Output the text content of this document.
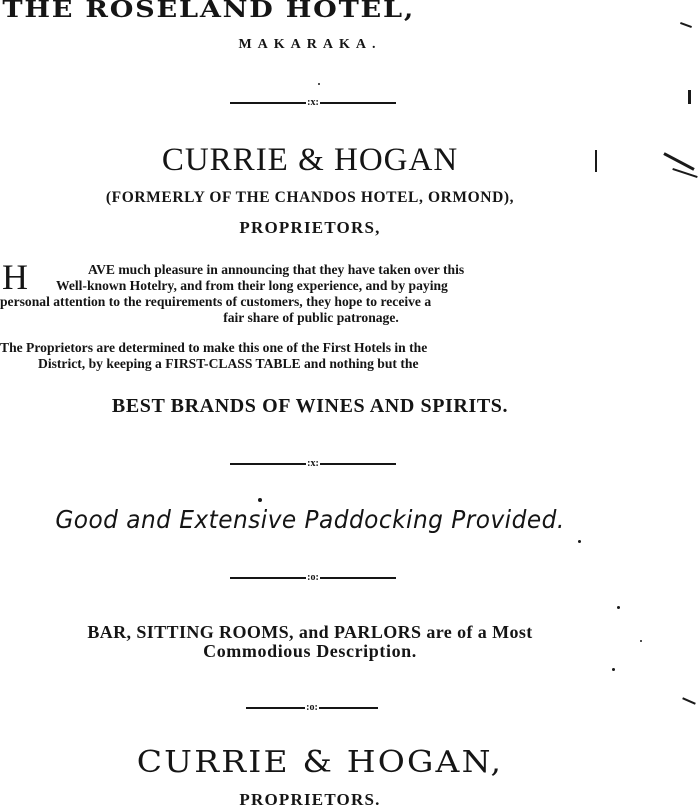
THE ROSELAND HOTEL,
MAKARAKA.
:x:
CURRIE & HOGAN
(FORMERLY OF THE CHANDOS HOTEL, ORMOND),
PROPRIETORS,
H	AVE much pleasure in announcing that they have taken over this
Well-known Hotelry, and from their long experience, and by paying
personal attention to the requirements of customers, they hope to receive a
fair share of public patronage.
The Proprietors are determined to make this one of the First Hotels in the
District, by keeping a FIRST-CLASS TABLE and nothing but the
BEST BRANDS OF WINES AND SPIRITS.
:x:
Good and Extensive Paddocking Provided.
:o:
BAR, SITTING ROOMS, and PARLORS are of a Most
Commodious Description.
:o:
CURRIE & HOGAN,
PROPRIETORS.
